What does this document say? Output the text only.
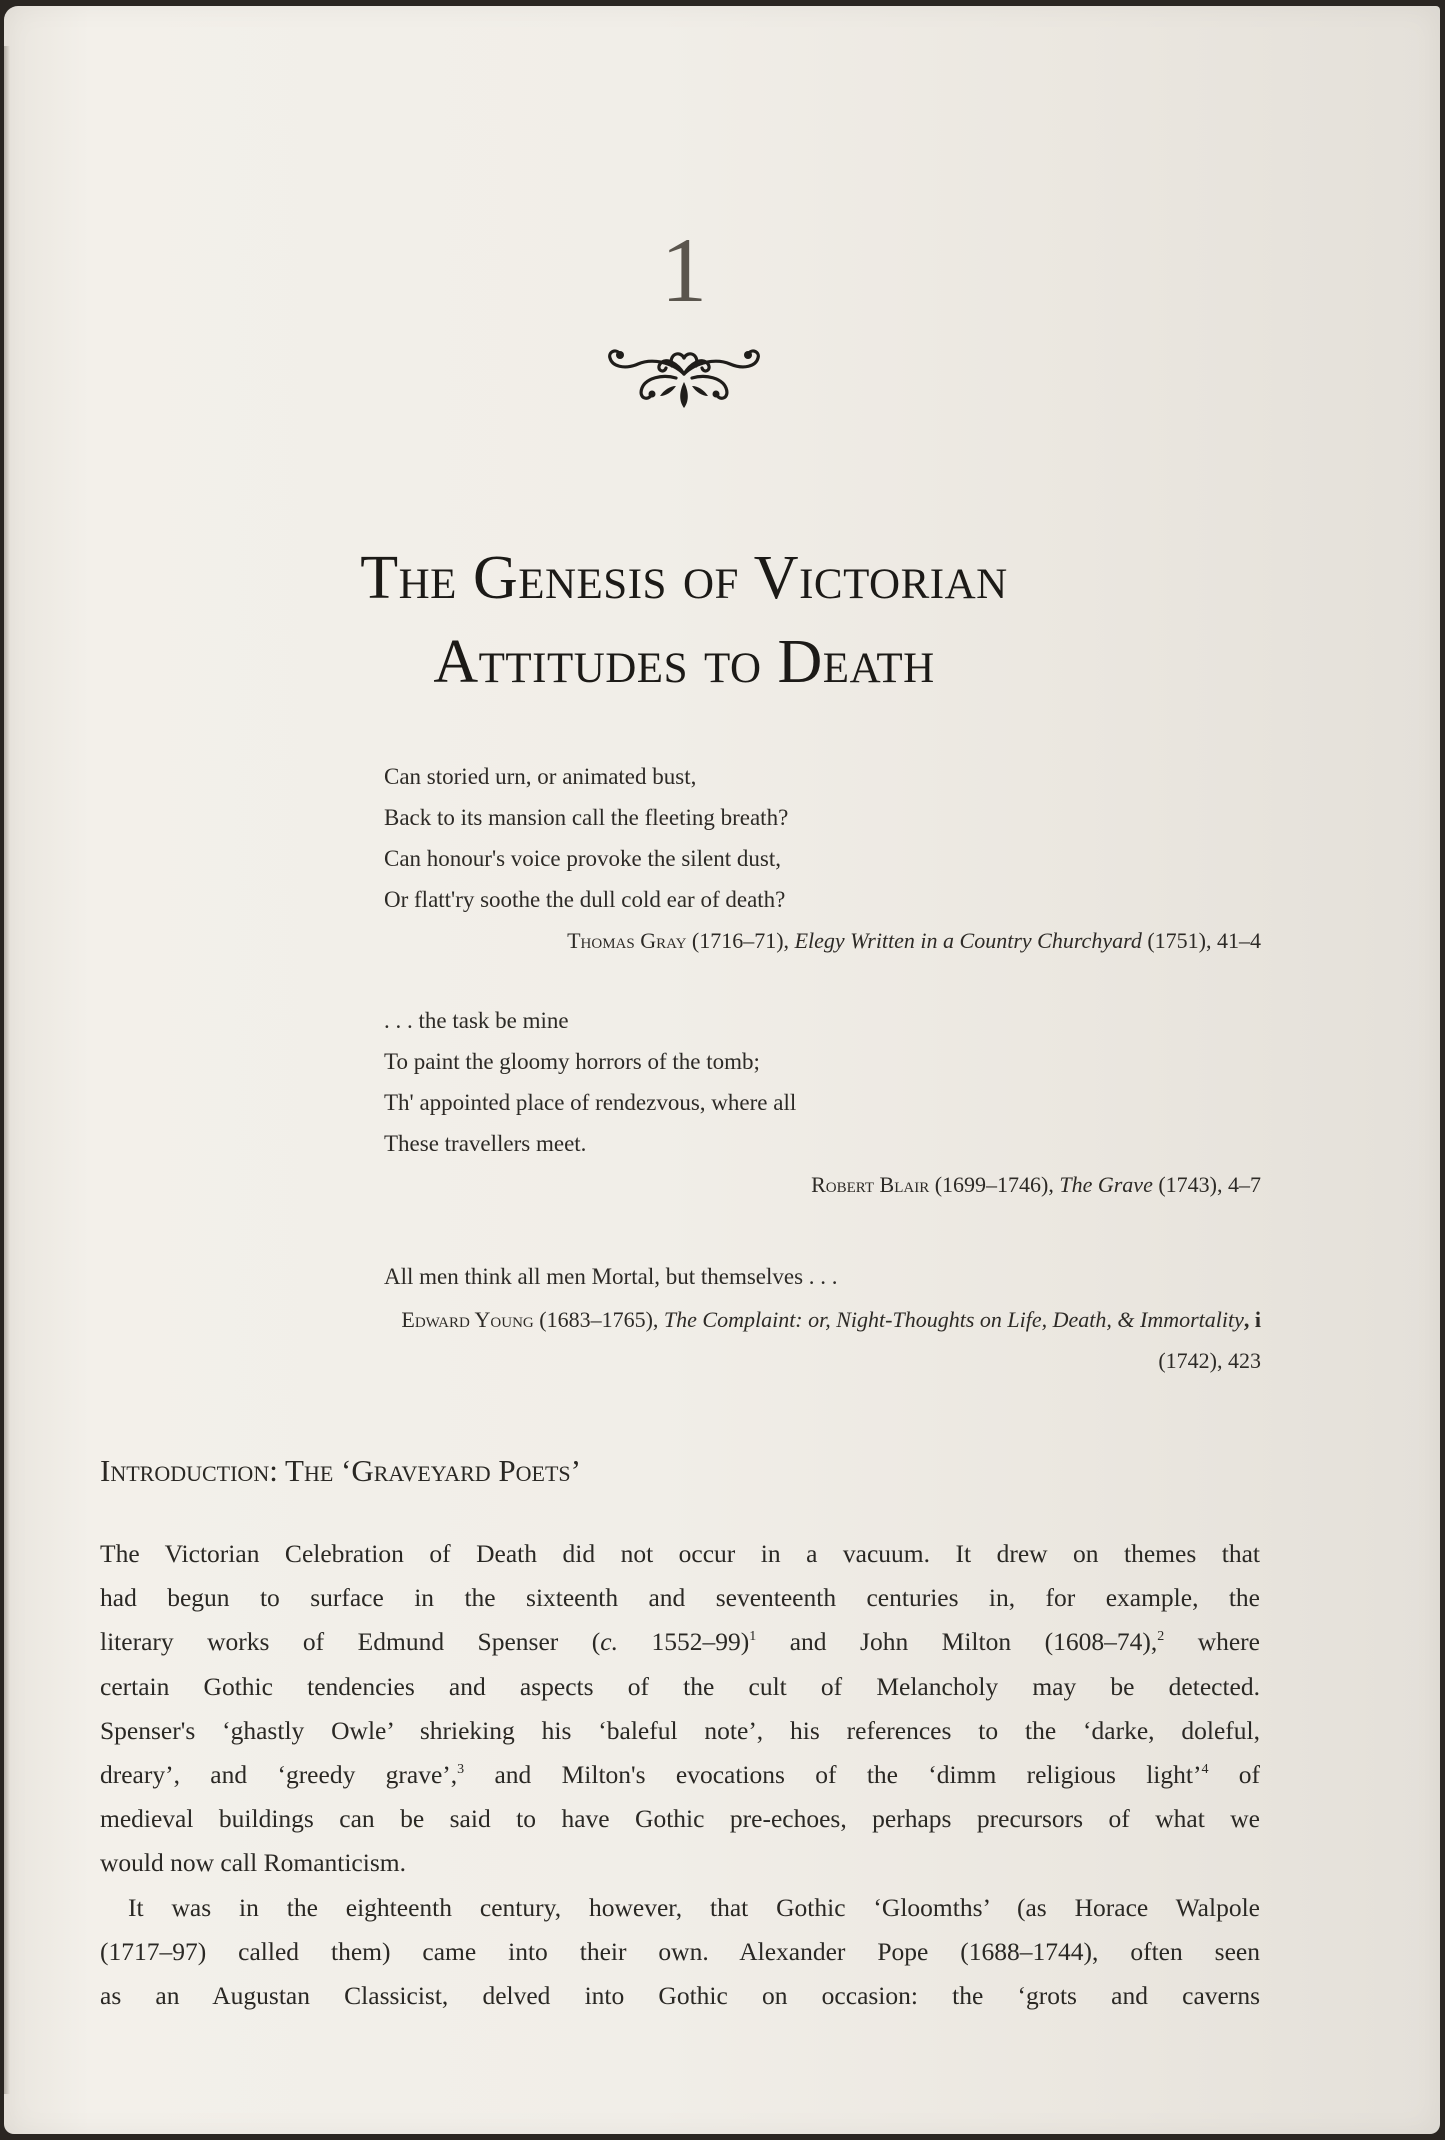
1
The Genesis of Victorian
Attitudes to Death
Can storied urn, or animated bust,
Back to its mansion call the fleeting breath?
Can honour's voice provoke the silent dust,
Or flatt'ry soothe the dull cold ear of death?
Thomas Gray (1716–71), Elegy Written in a Country Churchyard (1751), 41–4
. . . the task be mine
To paint the gloomy horrors of the tomb;
Th' appointed place of rendezvous, where all
These travellers meet.
Robert Blair (1699–1746), The Grave (1743), 4–7
All men think all men Mortal, but themselves . . .
Edward Young (1683–1765), The Complaint: or, Night-Thoughts on Life, Death, & Immortality, i
(1742), 423
Introduction: The ‘Graveyard Poets’
The Victorian Celebration of Death did not occur in a vacuum. It drew on themes that
had begun to surface in the sixteenth and seventeenth centuries in, for example, the
literary works of Edmund Spenser (c. 1552–99)$^1$ and John Milton (1608–74),$^2$ where
certain Gothic tendencies and aspects of the cult of Melancholy may be detected.
Spenser's ‘ghastly Owle’ shrieking his ‘baleful note’, his references to the ‘darke, doleful,
dreary’, and ‘greedy grave’,$^3$ and Milton's evocations of the ‘dimm religious light’$^4$ of
medieval buildings can be said to have Gothic pre-echoes, perhaps precursors of what we
would now call Romanticism.
It was in the eighteenth century, however, that Gothic ‘Gloomths’ (as Horace Walpole
(1717–97) called them) came into their own. Alexander Pope (1688–1744), often seen
as an Augustan Classicist, delved into Gothic on occasion: the ‘grots and caverns
